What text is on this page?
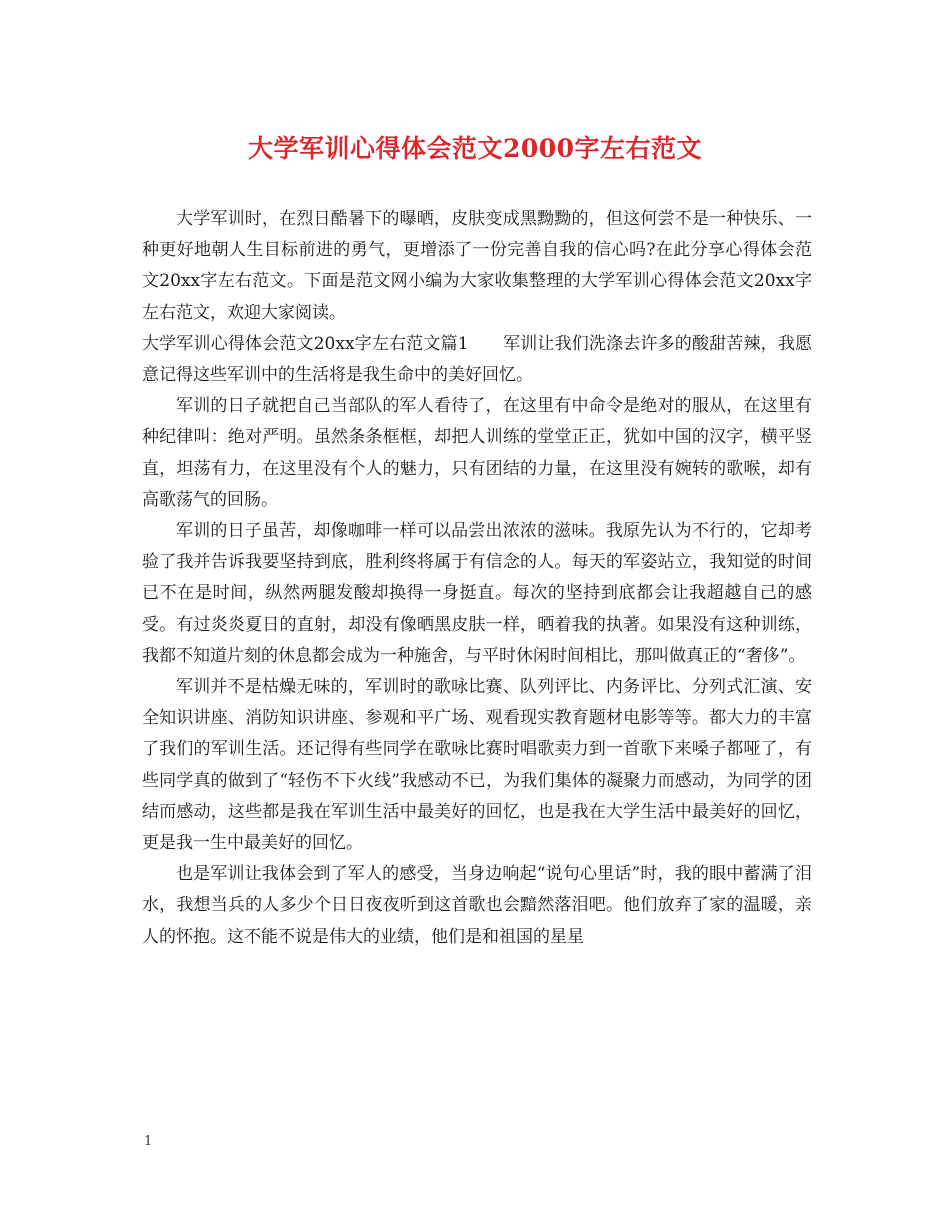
大学军训心得体会范文2000字左右范文

大学军训时，在烈日酷暑下的曝晒，皮肤变成黑黝黝的，但这何尝不是一种快乐、一种更好地朝人生目标前进的勇气，更增添了一份完善自我的信心吗?在此分享心得体会范文20xx字左右范文。下面是范文网小编为大家收集整理的大学军训心得体会范文20xx字左右范文，欢迎大家阅读。

大学军训心得体会范文20xx字左右范文篇1　　军训让我们洗涤去许多的酸甜苦辣，我愿意记得这些军训中的生活将是我生命中的美好回忆。

军训的日子就把自己当部队的军人看待了，在这里有中命令是绝对的服从，在这里有种纪律叫：绝对严明。虽然条条框框，却把人训练的堂堂正正，犹如中国的汉字，横平竖直，坦荡有力，在这里没有个人的魅力，只有团结的力量，在这里没有婉转的歌喉，却有高歌荡气的回肠。

军训的日子虽苦，却像咖啡一样可以品尝出浓浓的滋味。我原先认为不行的，它却考验了我并告诉我要坚持到底，胜利终将属于有信念的人。每天的军姿站立，我知觉的时间已不在是时间，纵然两腿发酸却换得一身挺直。每次的坚持到底都会让我超越自己的感受。有过炎炎夏日的直射，却没有像晒黑皮肤一样，晒着我的执著。如果没有这种训练，我都不知道片刻的休息都会成为一种施舍，与平时休闲时间相比，那叫做真正的“奢侈”。

军训并不是枯燥无味的，军训时的歌咏比赛、队列评比、内务评比、分列式汇演、安全知识讲座、消防知识讲座、参观和平广场、观看现实教育题材电影等等。都大力的丰富了我们的军训生活。还记得有些同学在歌咏比赛时唱歌卖力到一首歌下来嗓子都哑了，有些同学真的做到了“轻伤不下火线”我感动不已，为我们集体的凝聚力而感动，为同学的团结而感动，这些都是我在军训生活中最美好的回忆，也是我在大学生活中最美好的回忆，更是我一生中最美好的回忆。

也是军训让我体会到了军人的感受，当身边响起“说句心里话”时，我的眼中蓄满了泪水，我想当兵的人多少个日日夜夜听到这首歌也会黯然落泪吧。他们放弃了家的温暖，亲人的怀抱。这不能不说是伟大的业绩，他们是和祖国的星星

1
